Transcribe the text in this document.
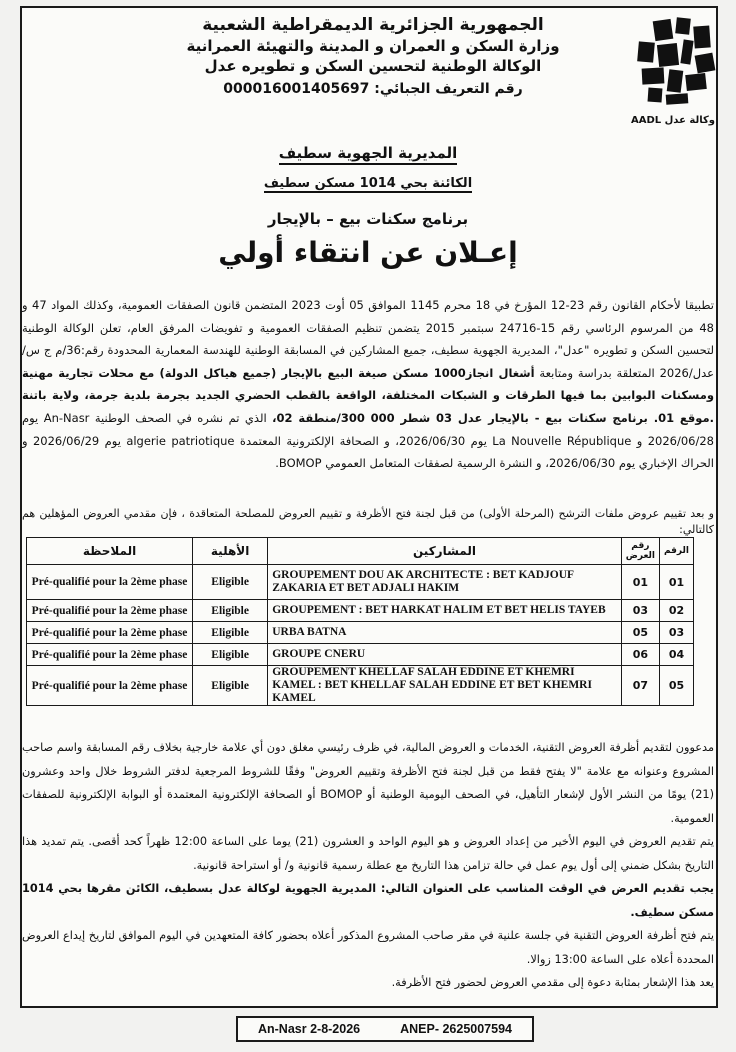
وكالة عدل AADL
الجمهورية الجزائرية الديمقراطية الشعبية
وزارة السكن و العمران و المدينة والتهيئة العمرانية
الوكالة الوطنية لتحسين السكن و تطويره عدل
رقم التعريف الجبائي: 000016001405697
المديرية الجهوية سطيف
الكائنة بحي 1014 مسكن سطيف
برنامج سكنات بيع – بالإيجار
إعـلان عن انتقاء أولي
تطبيقا لأحكام القانون رقم 23-12 المؤرخ في 18 محرم 1145 الموافق 05 أوت 2023 المتضمن قانون الصفقات العمومية، وكذلك المواد 47 و 48 من المرسوم الرئاسي رقم 15-24716 سبتمبر 2015 يتضمن تنظيم الصفقات العمومية و تفويضات المرفق العام، تعلن الوكالة الوطنية لتحسين السكن و تطويره "عدل"، المديرية الجهوية سطيف، جميع المشاركين في المسابقة الوطنية للهندسة المعمارية المحدودة رقم:36/م ج س/ عدل/2026 المتعلقة بدراسة ومتابعة أشغال انجاز1000 مسكن صيغة البيع بالإيجار (جميع هياكل الدولة) مع محلات تجارية مهنية ومسكنات البوابين بما فيها الطرقات و الشبكات المختلفة، الواقعة بالقطب الحضري الجديد بجرمة بلدية جرمة، ولاية باتنة .موقع 01. برنامج سكنات بيع - بالإيجار عدل 03 شطر 000 300/منطقة 02، الذي تم نشره في الصحف الوطنية An-Nasr يوم 2026/06/28 و La Nouvelle République يوم 2026/06/30، و الصحافة الإلكترونية المعتمدة algerie patriotique يوم 2026/06/29 و الحراك الإخباري يوم 2026/06/30، و النشرة الرسمية لصفقات المتعامل العمومي BOMOP.
و بعد تقييم عروض ملفات الترشح (المرحلة الأولى) من قبل لجنة فتح الأظرفة و تقييم العروض للمصلحة المتعاقدة ، فإن مقدمي العروض المؤهلين هم كالتالي:
الرقم	رقم العرض	المشاركين	الأهلية	الملاحظة
01	01	GROUPEMENT DOU AK ARCHITECTE : BET KADJOUF ZAKARIA ET BET ADJALI HAKIM	Eligible	Pré-qualifié pour la 2ème phase
02	03	GROUPEMENT : BET HARKAT HALIM ET BET HELIS TAYEB	Eligible	Pré-qualifié pour la 2ème phase
03	05	URBA BATNA	Eligible	Pré-qualifié pour la 2ème phase
04	06	GROUPE CNERU	Eligible	Pré-qualifié pour la 2ème phase
05	07	GROUPEMENT KHELLAF SALAH EDDINE ET KHEMRI KAMEL : BET KHELLAF SALAH EDDINE ET BET KHEMRI KAMEL	Eligible	Pré-qualifié pour la 2ème phase

مدعوون لتقديم أظرفة العروض التقنية، الخدمات و العروض المالية، في ظرف رئيسي مغلق دون أي علامة خارجية بخلاف رقم المسابقة واسم صاحب المشروع وعنوانه مع علامة "لا يفتح فقط من قبل لجنة فتح الأظرفة وتقييم العروض" وفقًا للشروط المرجعية لدفتر الشروط خلال واحد وعشرون (21) يومًا من النشر الأول لإشعار التأهيل، في الصحف اليومية الوطنية أو BOMOP أو الصحافة الإلكترونية المعتمدة أو البوابة الإلكترونية للصفقات العمومية.

يتم تقديم العروض في اليوم الأخير من إعداد العروض و هو اليوم الواحد و العشرون (21) يوما على الساعة 12:00 ظهراً كحد أقصى. يتم تمديد هذا التاريخ بشكل ضمني إلى أول يوم عمل في حالة تزامن هذا التاريخ مع عطلة رسمية قانونية و/ أو استراحة قانونية.

يجب تقديم العرض في الوقت المناسب على العنوان التالي: المديرية الجهوية لوكالة عدل بسطيف، الكائن مقرها بحي 1014 مسكن سطيف.

يتم فتح أظرفة العروض التقنية في جلسة علنية في مقر صاحب المشروع المذكور أعلاه بحضور كافة المتعهدين في اليوم الموافق لتاريخ إيداع العروض المحددة أعلاه على الساعة 13:00 زوالا.

يعد هذا الإشعار بمثابة دعوة إلى مقدمي العروض لحضور فتح الأظرفة.

An-Nasr 2-8-2026	ANEP- 2625007594
